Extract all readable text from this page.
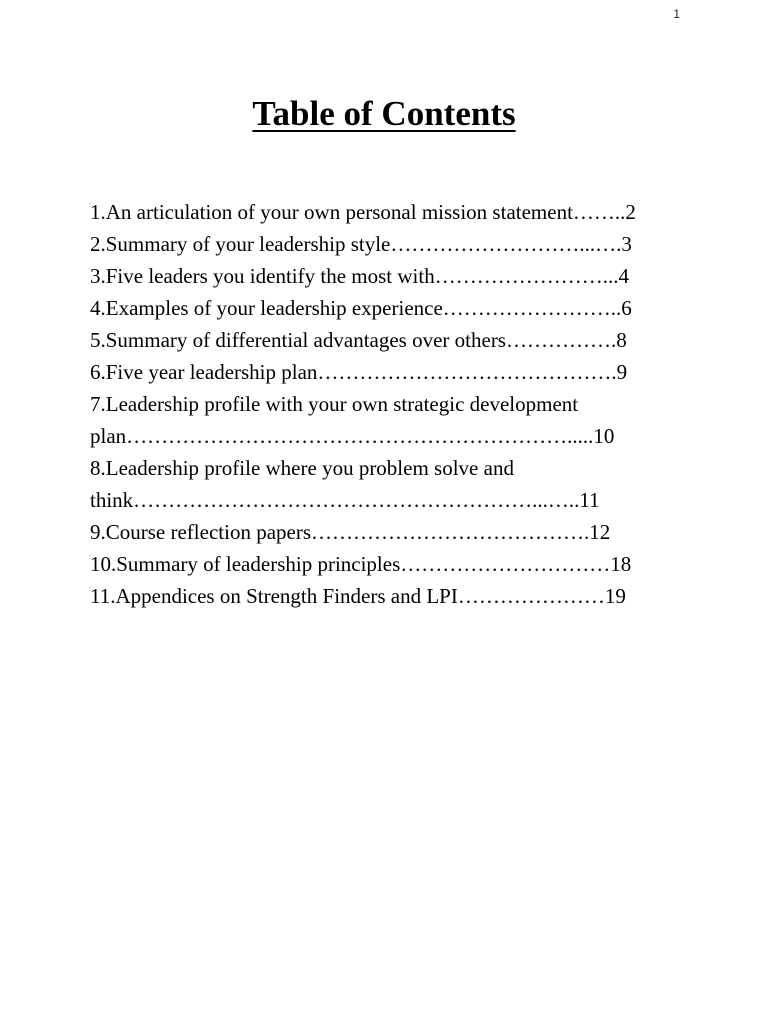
1
Table of Contents
1.An articulation of your own personal mission statement……..2
2.Summary of your leadership style………………………...….3
3.Five leaders you identify the most with……………………...4
4.Examples of your leadership experience……………………..6
5.Summary of differential advantages over others…………….8
6.Five year leadership plan…………………………………….9
7.Leadership profile with your own strategic development
plan……………………………………………………….....10
8.Leadership profile where you problem solve and
think…………………………………………………...…..11
9.Course reflection papers………………………………….12
10.Summary of leadership principles…………………………18
11.Appendices on Strength Finders and LPI…………………19
